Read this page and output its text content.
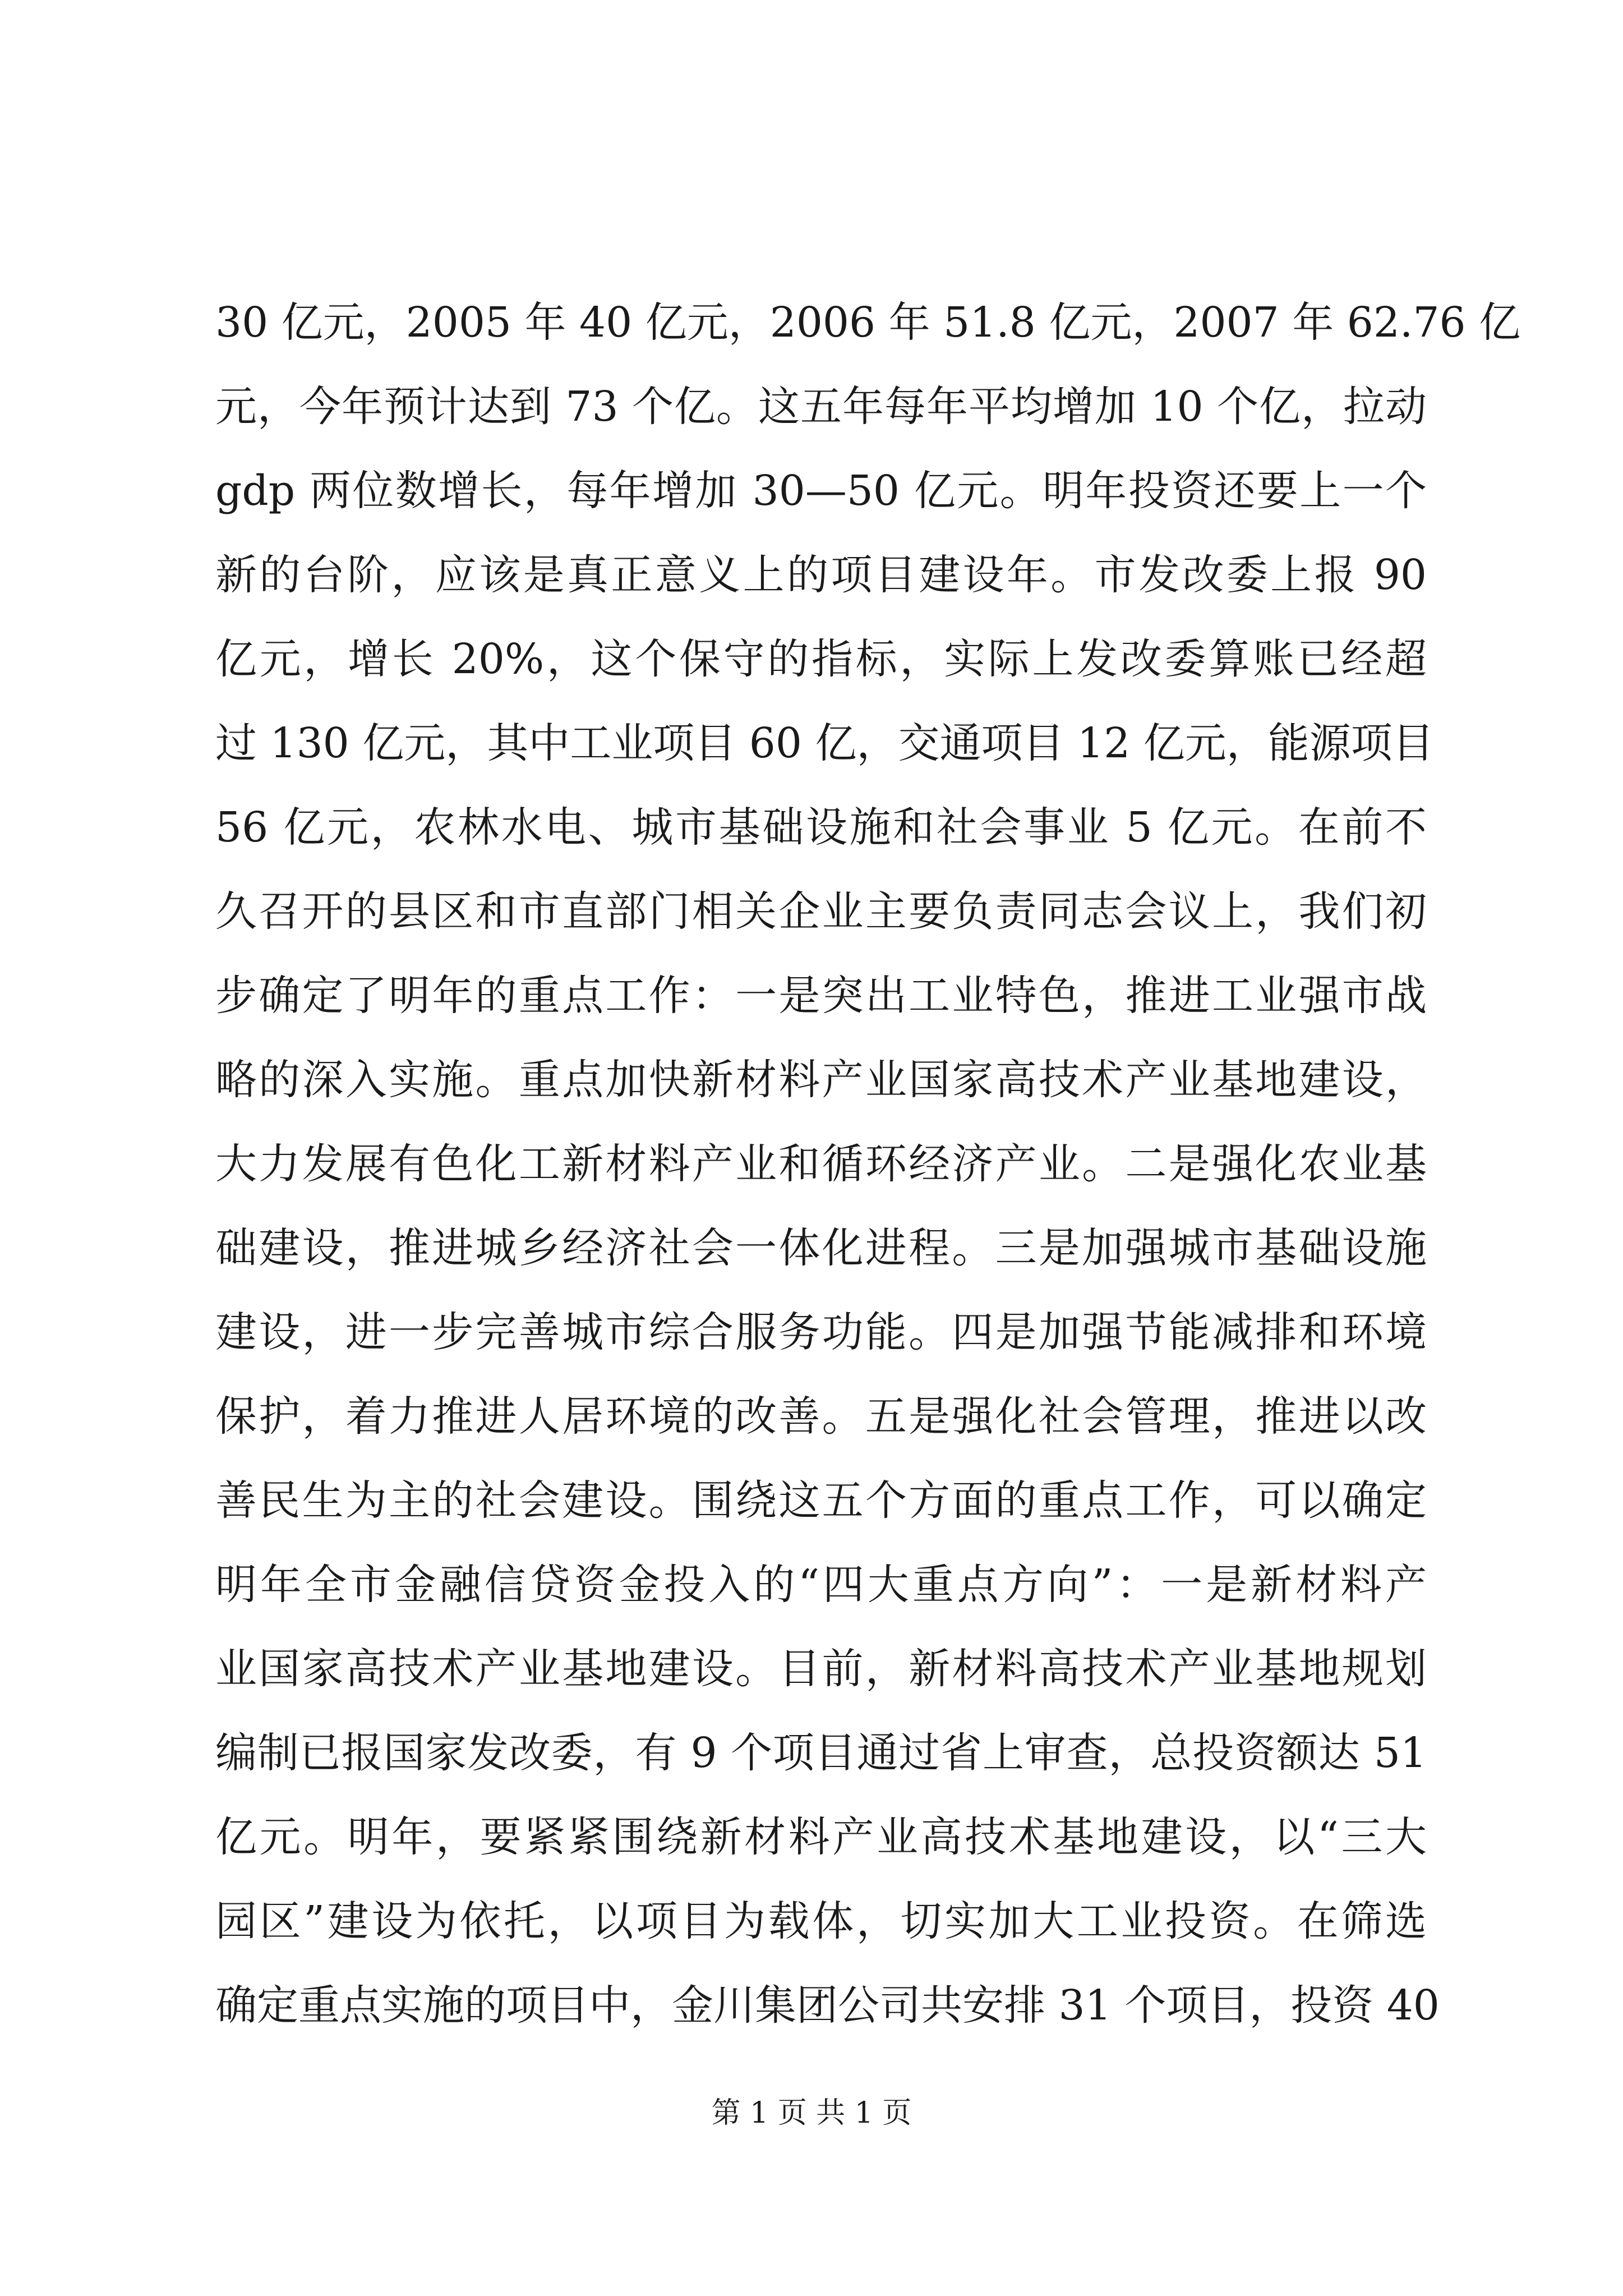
30 亿元，2005 年 40 亿元，2006 年 51.8 亿元，2007 年 62.76 亿
元，今年预计达到 73 个亿。这五年每年平均增加 10 个亿，拉动
gdp 两位数增长，每年增加 30—50 亿元。明年投资还要上一个
新的台阶，应该是真正意义上的项目建设年。市发改委上报 90
亿元，增长 20%，这个保守的指标，实际上发改委算账已经超
过 130 亿元，其中工业项目 60 亿，交通项目 12 亿元，能源项目
56 亿元，农林水电、城市基础设施和社会事业 5 亿元。在前不
久召开的县区和市直部门相关企业主要负责同志会议上，我们初
步确定了明年的重点工作：一是突出工业特色，推进工业强市战
略的深入实施。重点加快新材料产业国家高技术产业基地建设，
大力发展有色化工新材料产业和循环经济产业。二是强化农业基
础建设，推进城乡经济社会一体化进程。三是加强城市基础设施
建设，进一步完善城市综合服务功能。四是加强节能减排和环境
保护，着力推进人居环境的改善。五是强化社会管理，推进以改
善民生为主的社会建设。围绕这五个方面的重点工作，可以确定
明年全市金融信贷资金投入的“四大重点方向”：一是新材料产
业国家高技术产业基地建设。目前，新材料高技术产业基地规划
编制已报国家发改委，有 9 个项目通过省上审查，总投资额达 51
亿元。明年，要紧紧围绕新材料产业高技术基地建设，以“三大
园区”建设为依托，以项目为载体，切实加大工业投资。在筛选
确定重点实施的项目中，金川集团公司共安排 31 个项目，投资 40
第 1 页 共 1 页
